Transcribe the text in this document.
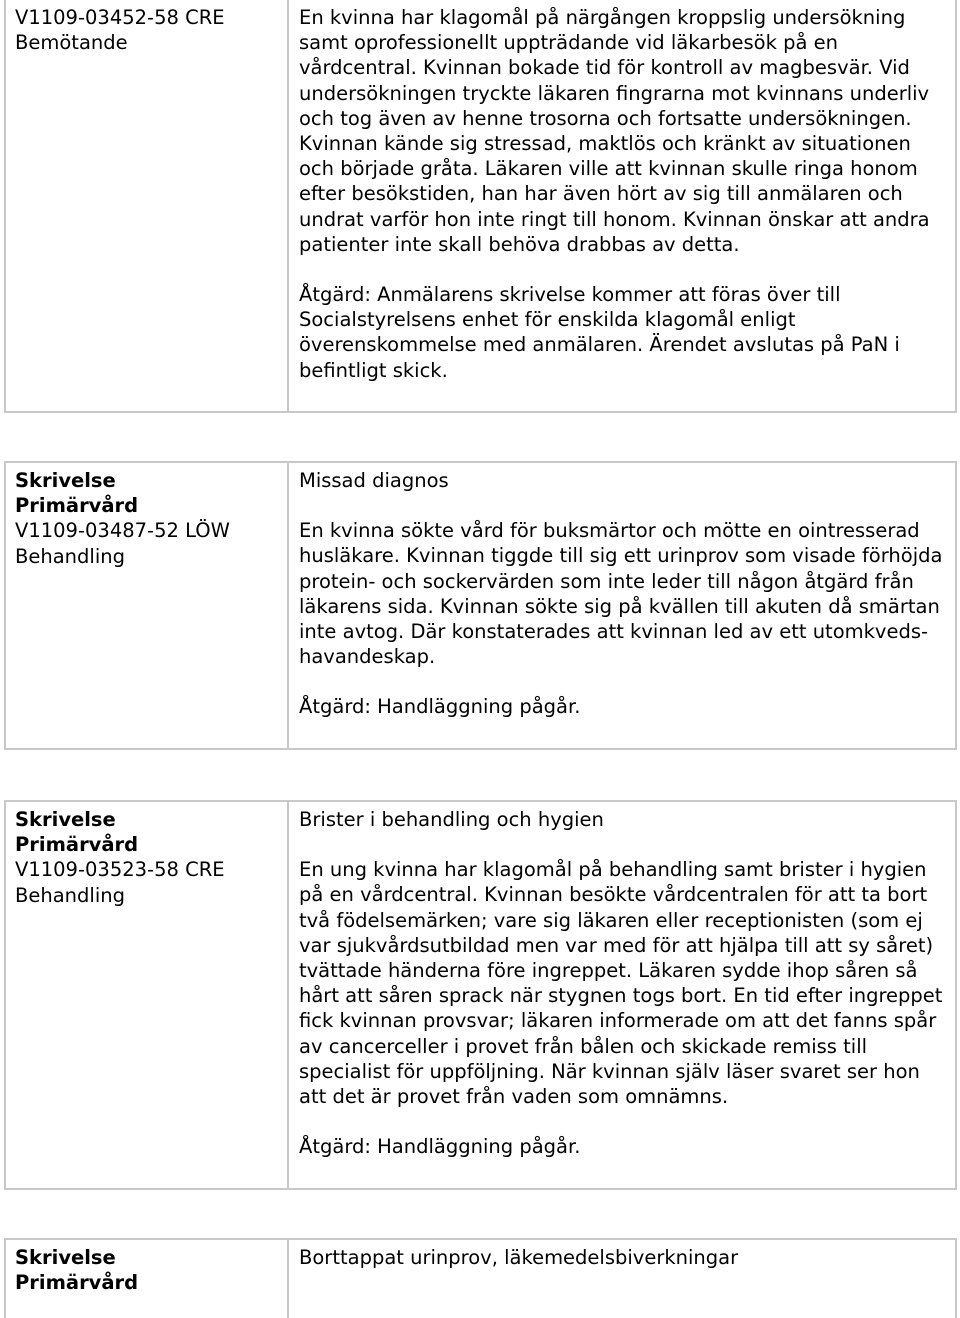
V1109-03452-58 CRE
Bemötande

En kvinna har klagomål på närgången kroppslig undersökning samt oprofessionellt uppträdande vid läkarbesök på en vårdcentral. Kvinnan bokade tid för kontroll av magbesvär. Vid undersökningen tryckte läkaren fingrarna mot kvinnans underliv och tog även av henne trosorna och fortsatte undersökningen. Kvinnan kände sig stressad, maktlös och kränkt av situationen och började gråta. Läkaren ville att kvinnan skulle ringa honom efter besökstiden, han har även hört av sig till anmälaren och undrat varför hon inte ringt till honom. Kvinnan önskar att andra patienter inte skall behöva drabbas av detta.

Åtgärd: Anmälarens skrivelse kommer att föras över till Socialstyrelsens enhet för enskilda klagomål enligt överenskommelse med anmälaren. Ärendet avslutas på PaN i befintligt skick.

Skrivelse
Primärvård
V1109-03487-52 LÖW
Behandling

Missad diagnos

En kvinna sökte vård för buksmärtor och mötte en ointresserad husläkare. Kvinnan tiggde till sig ett urinprov som visade förhöjda protein- och sockervärden som inte leder till någon åtgärd från läkarens sida. Kvinnan sökte sig på kvällen till akuten då smärtan inte avtog. Där konstaterades att kvinnan led av ett utomkveds-havandeskap.

Åtgärd: Handläggning pågår.

Skrivelse
Primärvård
V1109-03523-58 CRE
Behandling

Brister i behandling och hygien

En ung kvinna har klagomål på behandling samt brister i hygien på en vårdcentral. Kvinnan besökte vårdcentralen för att ta bort två födelsemärken; vare sig läkaren eller receptionisten (som ej var sjukvårdsutbildad men var med för att hjälpa till att sy såret) tvättade händerna före ingreppet. Läkaren sydde ihop såren så hårt att såren sprack när stygnen togs bort. En tid efter ingreppet fick kvinnan provsvar; läkaren informerade om att det fanns spår av cancerceller i provet från bålen och skickade remiss till specialist för uppföljning. När kvinnan själv läser svaret ser hon att det är provet från vaden som omnämns.

Åtgärd: Handläggning pågår.

Skrivelse
Primärvård

Borttappat urinprov, läkemedelsbiverkningar
